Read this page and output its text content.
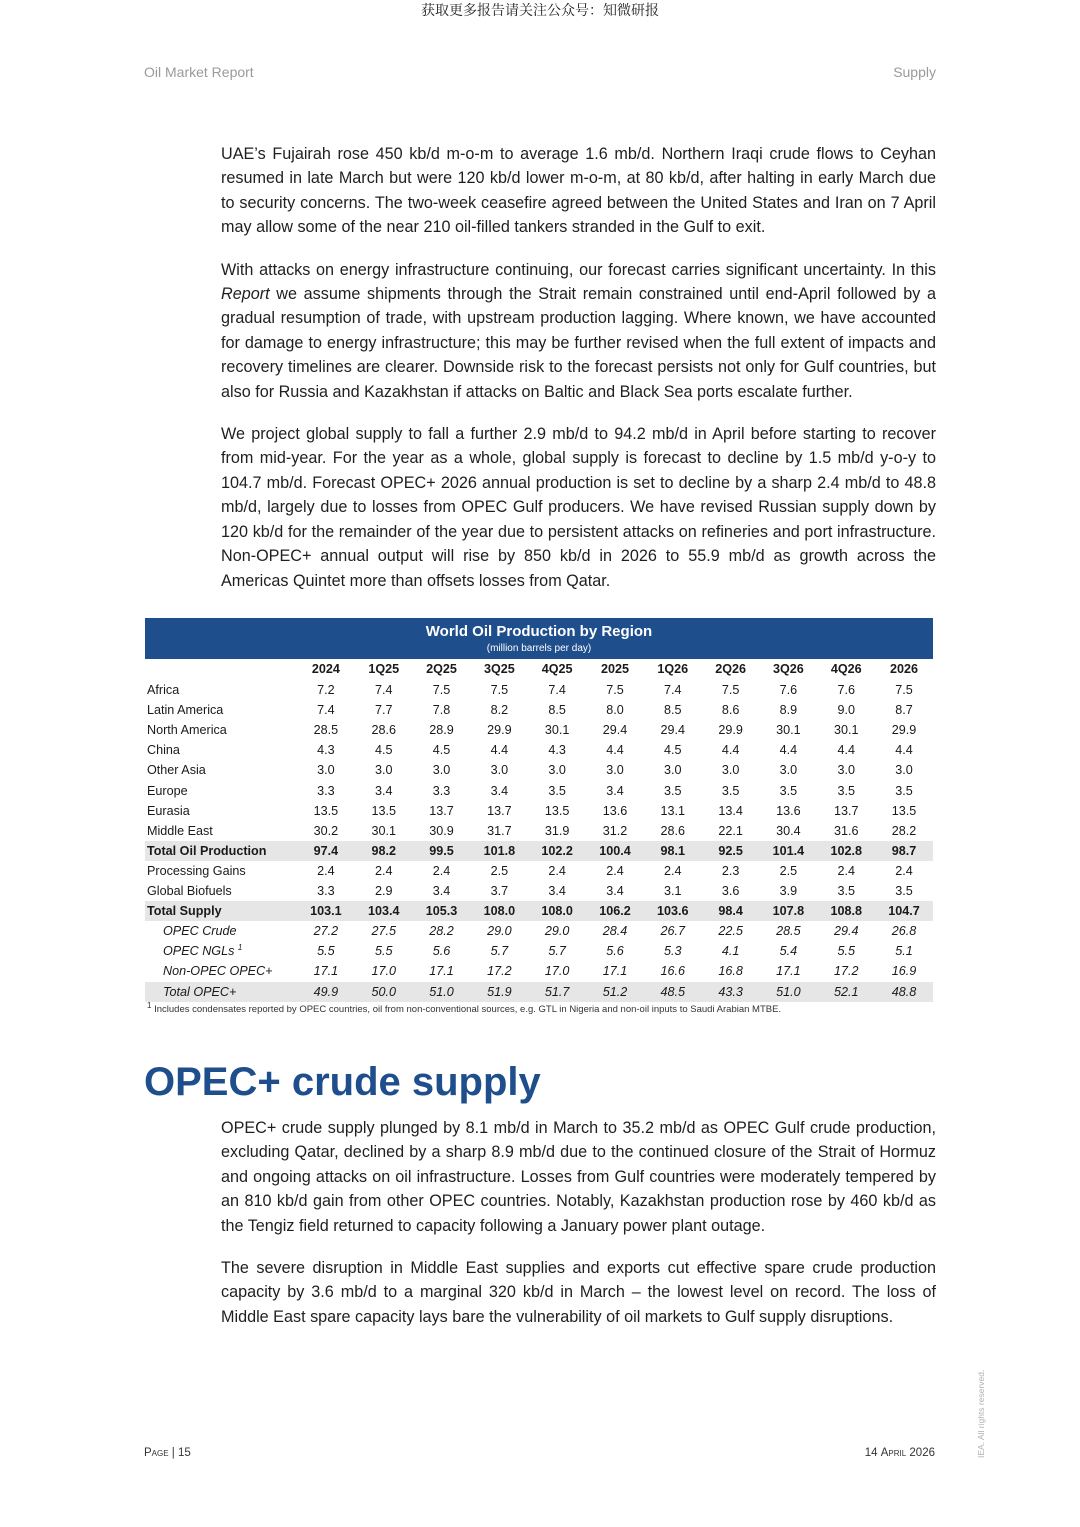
获取更多报告请关注公众号：知微研报
Oil Market Report	Supply

UAE’s Fujairah rose 450 kb/d m-o-m to average 1.6 mb/d. Northern Iraqi crude flows to Ceyhan resumed in late March but were 120 kb/d lower m-o-m, at 80 kb/d, after halting in early March due to security concerns. The two-week ceasefire agreed between the United States and Iran on 7 April may allow some of the near 210 oil-filled tankers stranded in the Gulf to exit.

With attacks on energy infrastructure continuing, our forecast carries significant uncertainty. In this Report we assume shipments through the Strait remain constrained until end-April followed by a gradual resumption of trade, with upstream production lagging. Where known, we have accounted for damage to energy infrastructure; this may be further revised when the full extent of impacts and recovery timelines are clearer. Downside risk to the forecast persists not only for Gulf countries, but also for Russia and Kazakhstan if attacks on Baltic and Black Sea ports escalate further.

We project global supply to fall a further 2.9 mb/d to 94.2 mb/d in April before starting to recover from mid-year. For the year as a whole, global supply is forecast to decline by 1.5 mb/d y-o-y to 104.7 mb/d. Forecast OPEC+ 2026 annual production is set to decline by a sharp 2.4 mb/d to 48.8 mb/d, largely due to losses from OPEC Gulf producers. We have revised Russian supply down by 120 kb/d for the remainder of the year due to persistent attacks on refineries and port infrastructure. Non-OPEC+ annual output will rise by 850 kb/d in 2026 to 55.9 mb/d as growth across the Americas Quintet more than offsets losses from Qatar.

World Oil Production by Region
(million barrels per day)
	2024	1Q25	2Q25	3Q25	4Q25	2025	1Q26	2Q26	3Q26	4Q26	2026
Africa	7.2	7.4	7.5	7.5	7.4	7.5	7.4	7.5	7.6	7.6	7.5
Latin America	7.4	7.7	7.8	8.2	8.5	8.0	8.5	8.6	8.9	9.0	8.7
North America	28.5	28.6	28.9	29.9	30.1	29.4	29.4	29.9	30.1	30.1	29.9
China	4.3	4.5	4.5	4.4	4.3	4.4	4.5	4.4	4.4	4.4	4.4
Other Asia	3.0	3.0	3.0	3.0	3.0	3.0	3.0	3.0	3.0	3.0	3.0
Europe	3.3	3.4	3.3	3.4	3.5	3.4	3.5	3.5	3.5	3.5	3.5
Eurasia	13.5	13.5	13.7	13.7	13.5	13.6	13.1	13.4	13.6	13.7	13.5
Middle East	30.2	30.1	30.9	31.7	31.9	31.2	28.6	22.1	30.4	31.6	28.2
Total Oil Production	97.4	98.2	99.5	101.8	102.2	100.4	98.1	92.5	101.4	102.8	98.7
Processing Gains	2.4	2.4	2.4	2.5	2.4	2.4	2.4	2.3	2.5	2.4	2.4
Global Biofuels	3.3	2.9	3.4	3.7	3.4	3.4	3.1	3.6	3.9	3.5	3.5
Total Supply	103.1	103.4	105.3	108.0	108.0	106.2	103.6	98.4	107.8	108.8	104.7
OPEC Crude	27.2	27.5	28.2	29.0	29.0	28.4	26.7	22.5	28.5	29.4	26.8
OPEC NGLs $^1$	5.5	5.5	5.6	5.7	5.7	5.6	5.3	4.1	5.4	5.5	5.1
Non-OPEC OPEC+	17.1	17.0	17.1	17.2	17.0	17.1	16.6	16.8	17.1	17.2	16.9
Total OPEC+	49.9	50.0	51.0	51.9	51.7	51.2	48.5	43.3	51.0	52.1	48.8
$^1$ Includes condensates reported by OPEC countries, oil from non-conventional sources, e.g. GTL in Nigeria and non-oil inputs to Saudi Arabian MTBE.
OPEC+ crude supply

OPEC+ crude supply plunged by 8.1 mb/d in March to 35.2 mb/d as OPEC Gulf crude production, excluding Qatar, declined by a sharp 8.9 mb/d due to the continued closure of the Strait of Hormuz and ongoing attacks on oil infrastructure. Losses from Gulf countries were moderately tempered by an 810 kb/d gain from other OPEC countries. Notably, Kazakhstan production rose by 460 kb/d as the Tengiz field returned to capacity following a January power plant outage.

The severe disruption in Middle East supplies and exports cut effective spare crude production capacity by 3.6 mb/d to a marginal 320 kb/d in March – the lowest level on record. The loss of Middle East spare capacity lays bare the vulnerability of oil markets to Gulf supply disruptions.

Page | 15	14 April 2026	IEA. All rights reserved.
